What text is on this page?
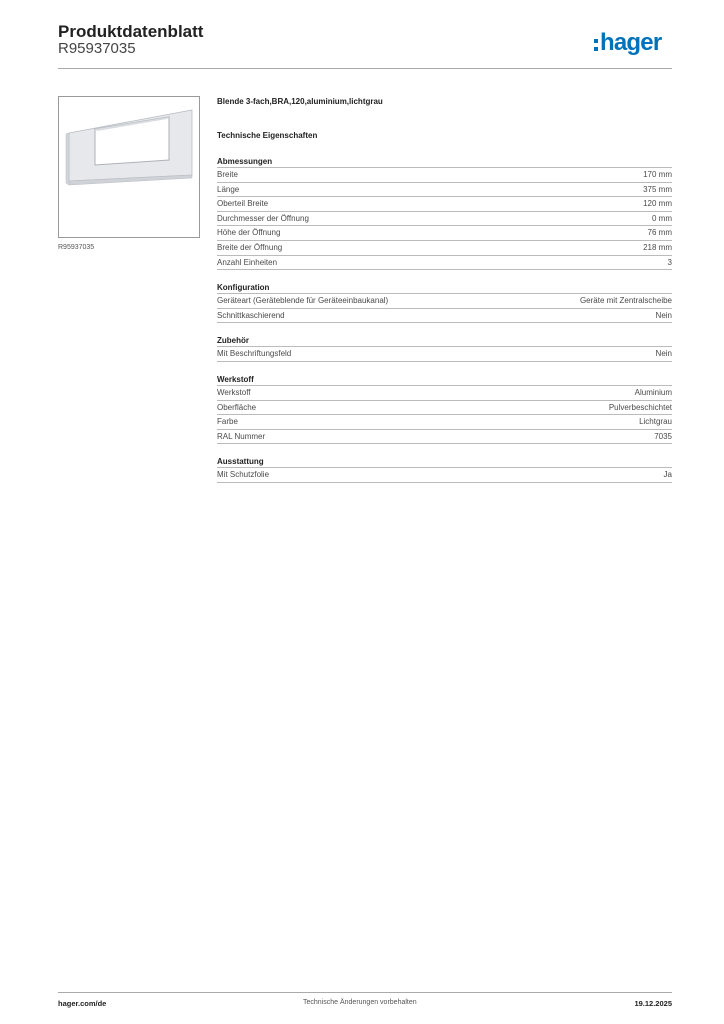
Produktdatenblatt
R95937035	hager
R95937035
Blende 3-fach,BRA,120,aluminium,lichtgrau
Technische Eigenschaften
Abmessungen
Breite	170 mm
Länge	375 mm
Oberteil Breite	120 mm
Durchmesser der Öffnung	0 mm
Höhe der Öffnung	76 mm
Breite der Öffnung	218 mm
Anzahl Einheiten	3
Konfiguration
Geräteart (Geräteblende für Geräteeinbaukanal)	Geräte mit Zentralscheibe
Schnittkaschierend	Nein
Zubehör
Mit Beschriftungsfeld	Nein
Werkstoff
Werkstoff	Aluminium
Oberfläche	Pulverbeschichtet
Farbe	Lichtgrau
RAL Nummer	7035
Ausstattung
Mit Schutzfolie	Ja
hager.com/de	Technische Änderungen vorbehalten	19.12.2025
